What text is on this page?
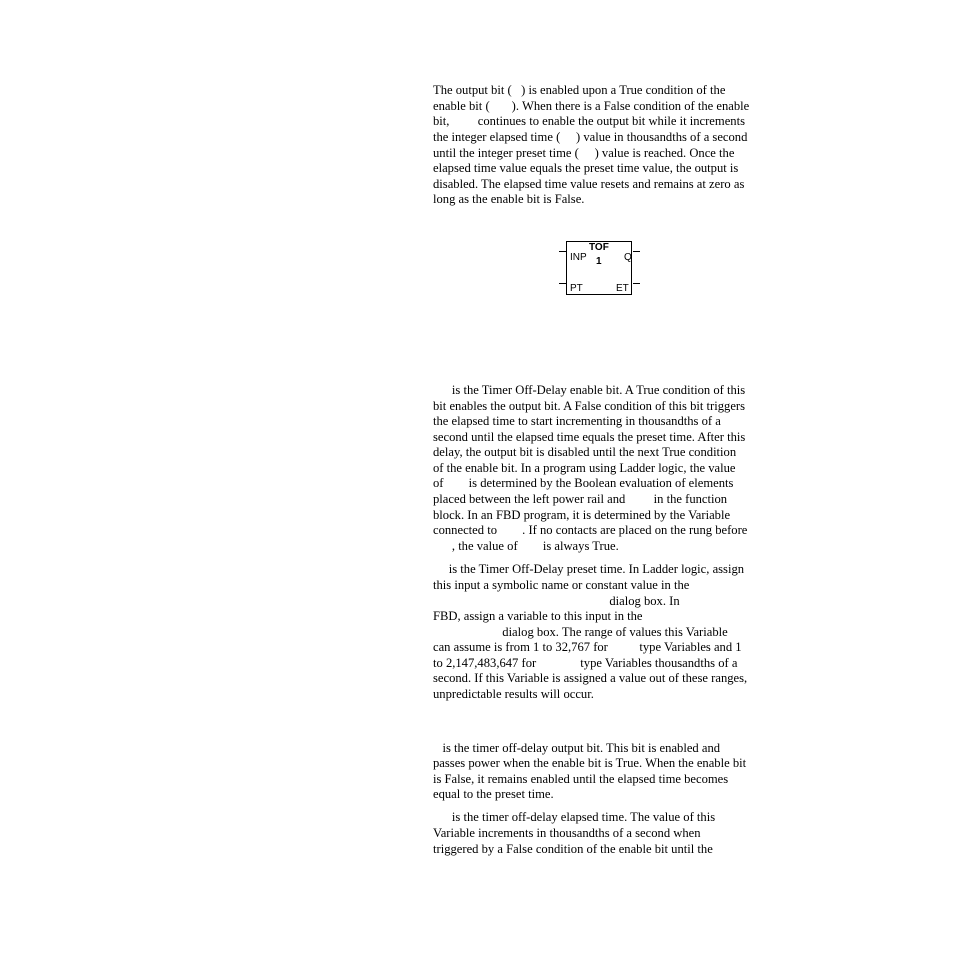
The output bit (   ) is enabled upon a True condition of the
enable bit (       ). When there is a False condition of the enable
bit,         continues to enable the output bit while it increments
the integer elapsed time (     ) value in thousandths of a second
until the integer preset time (     ) value is reached. Once the
elapsed time value equals the preset time value, the output is
disabled. The elapsed time value resets and remains at zero as
long as the enable bit is False.
TOF
1
INP
PT
Q
ET
is the Timer Off-Delay enable bit. A True condition of this
bit enables the output bit. A False condition of this bit triggers
the elapsed time to start incrementing in thousandths of a
second until the elapsed time equals the preset time. After this
delay, the output bit is disabled until the next True condition
of the enable bit. In a program using Ladder logic, the value
of        is determined by the Boolean evaluation of elements
placed between the left power rail and         in the function
block. In an FBD program, it is determined by the Variable
connected to        . If no contacts are placed on the rung before
, the value of        is always True.
is the Timer Off-Delay preset time. In Ladder logic, assign
this input a symbolic name or constant value in the
dialog box. In
FBD, assign a variable to this input in the
dialog box. The range of values this Variable
can assume is from 1 to 32,767 for          type Variables and 1
to 2,147,483,647 for              type Variables thousandths of a
second. If this Variable is assigned a value out of these ranges,
unpredictable results will occur.
is the timer off-delay output bit. This bit is enabled and
passes power when the enable bit is True. When the enable bit
is False, it remains enabled until the elapsed time becomes
equal to the preset time.
is the timer off-delay elapsed time. The value of this
Variable increments in thousandths of a second when
triggered by a False condition of the enable bit until the
